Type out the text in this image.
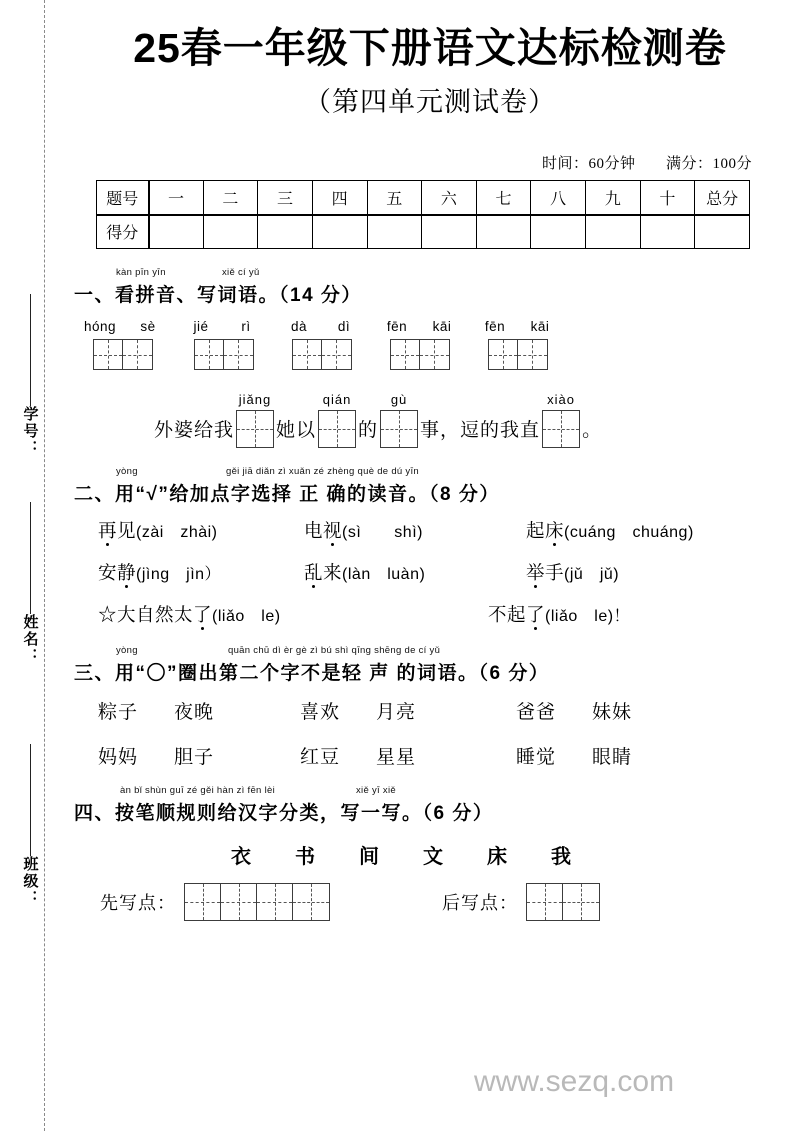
学号：
姓名：
班级：
25春一年级下册语文达标检测卷
（第四单元测试卷）
时间：60分钟 满分：100分
题号	一	二	三	四	五	六	七	八	九	十	总分
得分											
kàn pīn yīn	xiě cí yǔ
一、看拼音、写词语。（14 分）
hóng	sè	jié	rì	dà	dì	fēn kāi fēn kāi
外婆给我
jiǎng
她以
qián
的
gù
事，逗的我直
xiào
。
yòng	gěi jiā diǎn zì xuǎn zé zhèng què de dú yīn
二、用“√”给加点字选择 正 确的读音。（8 分）
再见(zài　zhài)	电视(sì　　shì)	起床(cuáng　chuáng)
安静(jìng　jìn）	乱来(làn　luàn)	举手(jǔ　jǔ)
☆大自然太了(liǎo　le)	不起了(liǎo　le)！
yòng	quān chū dì èr gè zì bú shì qīng shēng de cí yǔ
三、用“〇”圈出第二个字不是轻 声 的词语。（6 分）
粽子	夜晚	喜欢	月亮	爸爸	妹妹
妈妈	胆子	红豆	星星	睡觉	眼睛
àn bǐ shùn guī zé gěi hàn zì fēn lèi	xiě yī xiě
四、按笔顺规则给汉字分类，写一写。（6 分）
衣 书 间 文 床 我
先写点：	后写点：
www.sezq.com
